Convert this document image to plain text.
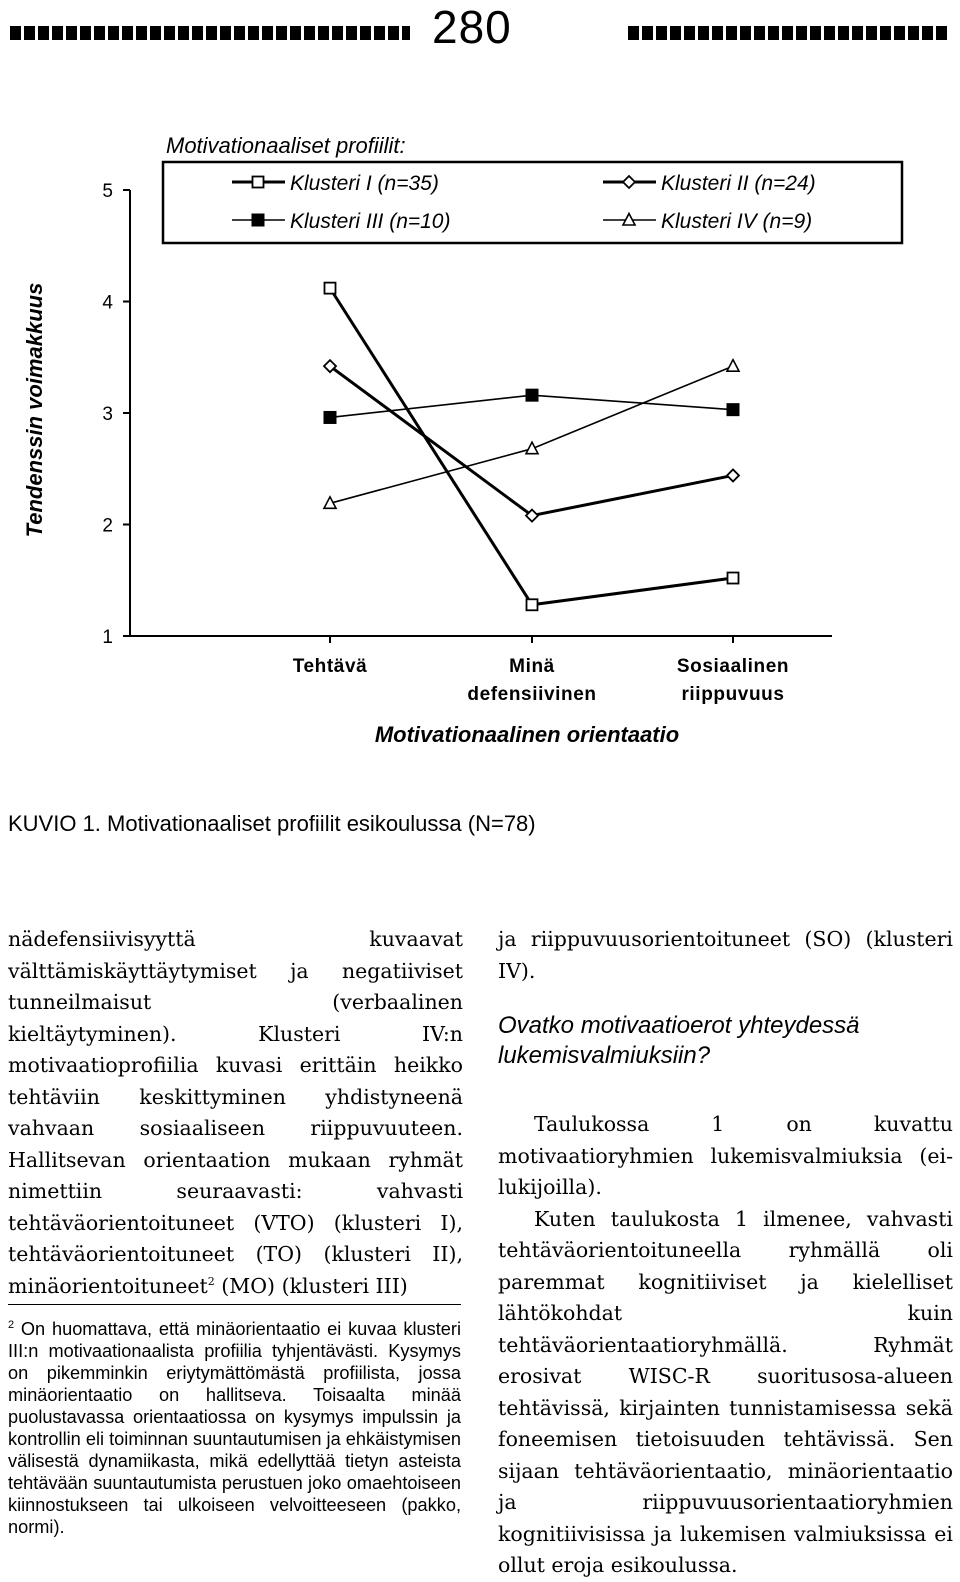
280
1
2
3
4
5
Tehtävä	Minä
defensiivinen
Sosiaalinen
riippuvuus
Motivationaalinen orientaatio
Tendenssin voimakkuus
Motivationaaliset profiilit:
Klusteri I (n=35)	Klusteri II (n=24)
Klusteri III (n=10)	Klusteri IV (n=9)
KUVIO 1. Motivationaaliset profiilit esikoulussa (N=78)

nädefensiivisyyttä kuvaavat välttämiskäyttäytymiset ja negatiiviset tunneilmaisut (verbaalinen kieltäytyminen). Klusteri IV:n motivaatioprofiilia kuvasi erittäin heikko tehtäviin keskittyminen yhdistyneenä vahvaan sosiaaliseen riippuvuuteen. Hallitsevan orientaation mukaan ryhmät nimettiin seuraavasti: vahvasti tehtäväorientoituneet (VTO) (klusteri I), tehtäväorientoituneet (TO) (klusteri II), minäorientoituneet$^2$ (MO) (klusteri III)

$^2$ On huomattava, että minäorientaatio ei kuvaa klusteri III:n motivaationaalista profiilia tyhjentävästi. Kysymys on pikemminkin eriytymättömästä profiilista, jossa minäorientaatio on hallitseva. Toisaalta minää puolustavassa orientaatiossa on kysymys impulssin ja kontrollin eli toiminnan suuntautumisen ja ehkäistymisen välisestä dynamiikasta, mikä edellyttää tietyn asteista tehtävään suuntautumista perustuen joko omaehtoiseen kiinnostukseen tai ulkoiseen velvoitteeseen (pakko, normi).

ja riippuvuusorientoituneet (SO) (klusteri IV).

Ovatko motivaatioerot yhteydessä lukemisvalmiuksiin?

Taulukossa 1 on kuvattu motivaatioryhmien lukemisvalmiuksia (ei-lukijoilla).

Kuten taulukosta 1 ilmenee, vahvasti tehtäväorientoituneella ryhmällä oli paremmat kognitiiviset ja kielelliset lähtökohdat kuin tehtäväorientaatioryhmällä. Ryhmät erosivat WISC-R suoritusosa-alueen tehtävissä, kirjainten tunnistamisessa sekä foneemisen tietoisuuden tehtävissä. Sen sijaan tehtäväorientaatio, minäorientaatio ja riippuvuusorientaatioryhmien kognitiivisissa ja lukemisen valmiuksissa ei ollut eroja esikoulussa.
